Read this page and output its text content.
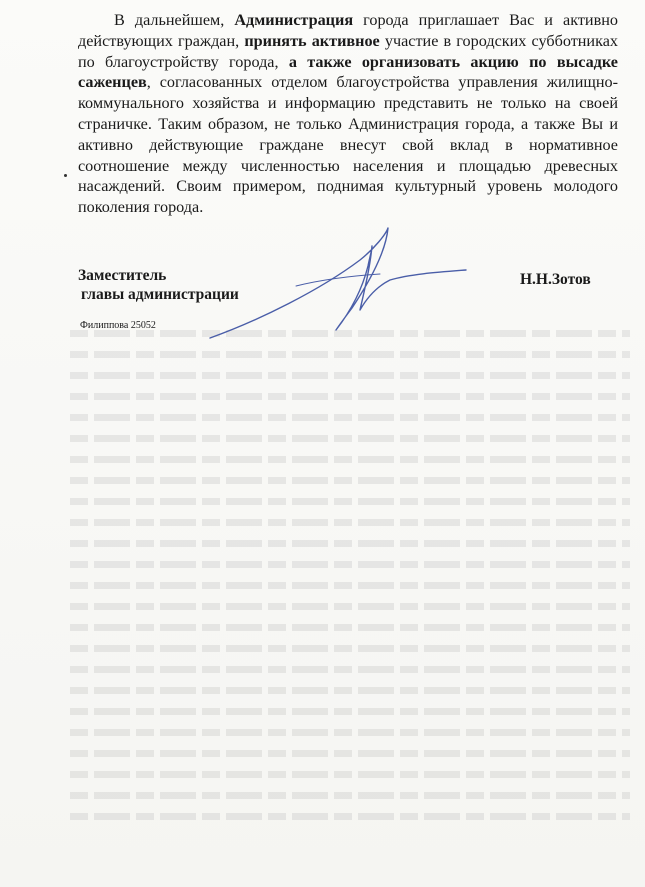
В дальнейшем, Администрация города приглашает Вас и активно действующих граждан, принять активное участие в городских субботниках по благоустройству города, а также организовать акцию по высадке саженцев, согласованных отделом благоустройства управления жилищно-коммунального хозяйства и информацию представить не только на своей страничке. Таким образом, не только Администрация города, а также Вы и активно действующие граждане внесут свой вклад в нормативное соотношение между численностью населения и площадью древесных насаждений. Своим примером, поднимая культурный уровень молодого поколения города.

Заместитель
главы администрации
Н.Н.Зотов
Филиппова 25052
